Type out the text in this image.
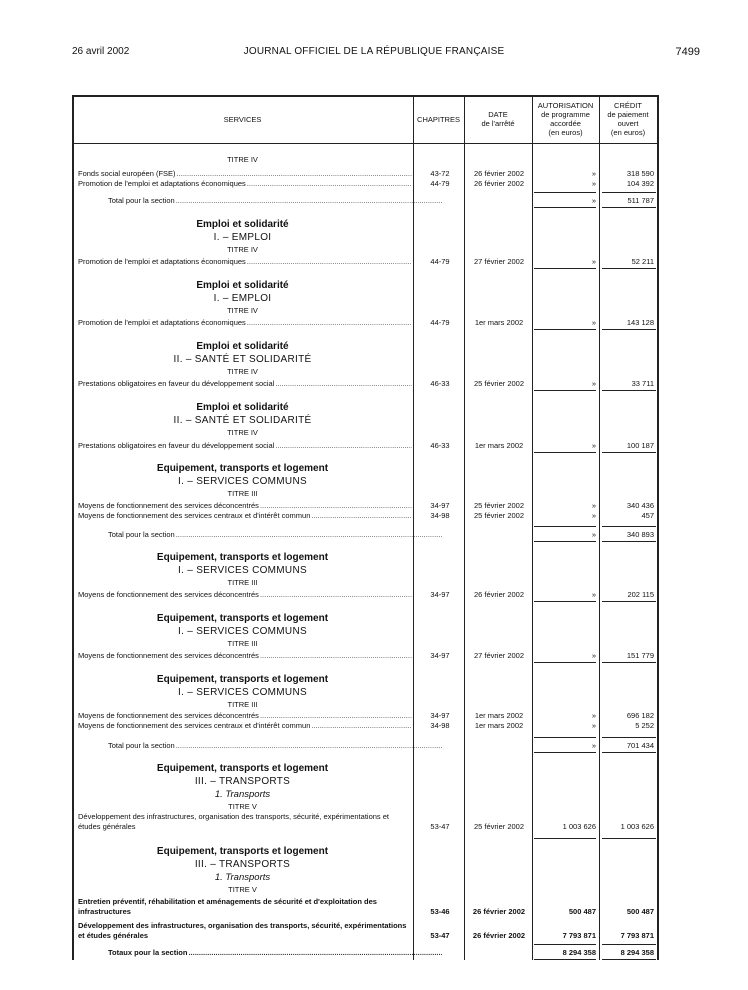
26 avril 2002	JOURNAL OFFICIEL DE LA RÉPUBLIQUE FRANÇAISE	7499
SERVICES	CHAPITRES	DATE
de l'arrêté
AUTORISATION
de programme
accordée
(en euros)
CRÉDIT
de paiement
ouvert
(en euros)
TITRE IV
Fonds social européen (FSE) .....	43-72	26 février 2002	»	318 590
Promotion de l'emploi et adaptations économiques .....	44-79	26 février 2002	»	104 392
Total pour la section .....	»	511 787
Emploi et solidarité
I. – EMPLOI
TITRE IV
Promotion de l'emploi et adaptations économiques .....	44-79	27 février 2002	»	52 211
Emploi et solidarité
I. – EMPLOI
TITRE IV
Promotion de l'emploi et adaptations économiques .....	44-79	1er mars 2002	»	143 128
Emploi et solidarité
II. – SANTÉ ET SOLIDARITÉ
TITRE IV
Prestations obligatoires en faveur du développement social .....	46-33	25 février 2002	»	33 711
Emploi et solidarité
II. – SANTÉ ET SOLIDARITÉ
TITRE IV
Prestations obligatoires en faveur du développement social .....	46-33	1er mars 2002	»	100 187
Equipement, transports et logement
I. – SERVICES COMMUNS
TITRE III
Moyens de fonctionnement des services déconcentrés .....	34-97	25 février 2002	»	340 436
Moyens de fonctionnement des services centraux et d'intérêt commun .....	34-98	25 février 2002	»	457
Total pour la section .....	»	340 893
Equipement, transports et logement
I. – SERVICES COMMUNS
TITRE III
Moyens de fonctionnement des services déconcentrés .....	34-97	26 février 2002	»	202 115
Equipement, transports et logement
I. – SERVICES COMMUNS
TITRE III
Moyens de fonctionnement des services déconcentrés .....	34-97	27 février 2002	»	151 779
Equipement, transports et logement
I. – SERVICES COMMUNS
TITRE III
Moyens de fonctionnement des services déconcentrés .....	34-97	1er mars 2002	»	696 182
Moyens de fonctionnement des services centraux et d'intérêt commun .....	34-98	1er mars 2002	»	5 252
Total pour la section .....	»	701 434
Equipement, transports et logement
III. – TRANSPORTS
1. Transports
TITRE V
Développement des infrastructures, organisation des transports, sécurité, expérimentations et études générales	53-47	25 février 2002	1 003 626	1 003 626
Equipement, transports et logement
III. – TRANSPORTS
1. Transports
TITRE V
Entretien préventif, réhabilitation et aménagements de sécurité et d'exploitation des infrastructures	53-46	26 février 2002	500 487	500 487
Développement des infrastructures, organisation des transports, sécurité, expérimentations et études générales	53-47	26 février 2002	7 793 871	7 793 871
Totaux pour la section .....	8 294 358	8 294 358
